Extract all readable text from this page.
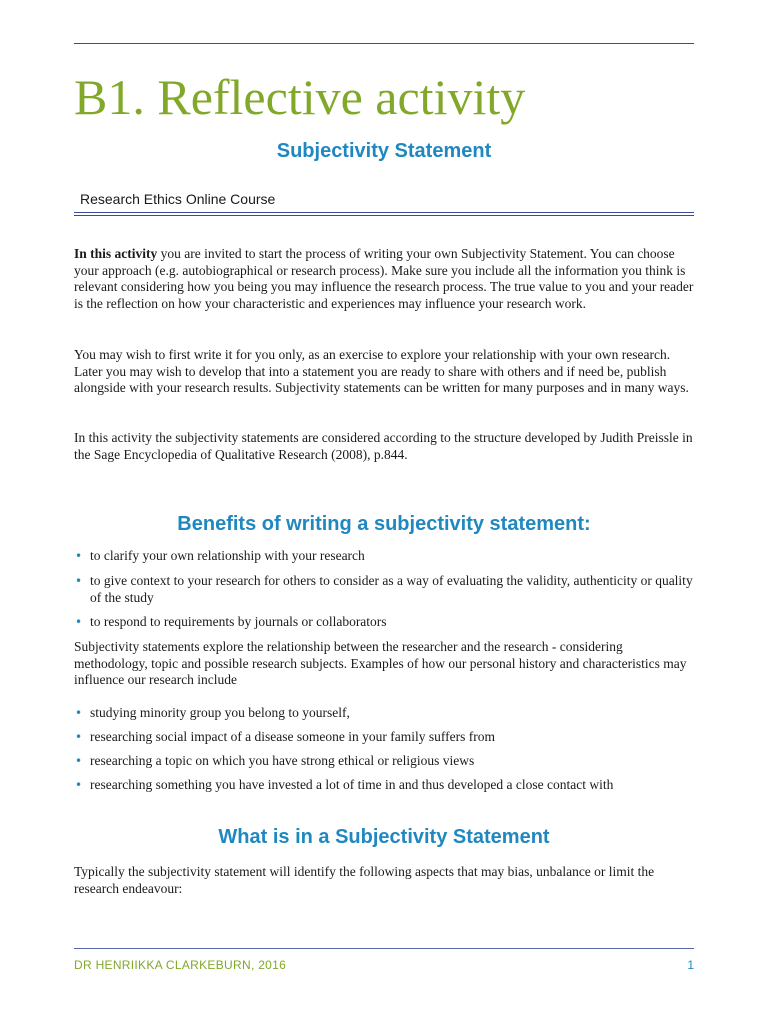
B1. Reflective activity
Subjectivity Statement

Research Ethics Online Course

In this activity you are invited to start the process of writing your own Subjectivity Statement. You can choose your approach (e.g. autobiographical or research process). Make sure you include all the information you think is relevant considering how you being you may influence the research process. The true value to you and your reader is the reflection on how your characteristic and experiences may influence your research work.

You may wish to first write it for you only, as an exercise to explore your relationship with your own research. Later you may wish to develop that into a statement you are ready to share with others and if need be, publish alongside with your research results. Subjectivity statements can be written for many purposes and in many ways.

In this activity the subjectivity statements are considered according to the structure developed by Judith Preissle in the Sage Encyclopedia of Qualitative Research (2008), p.844.

Benefits of writing a subjectivity statement:

• to clarify your own relationship with your research

• to give context to your research for others to consider as a way of evaluating the validity, authenticity or quality of the study

• to respond to requirements by journals or collaborators

Subjectivity statements explore the relationship between the researcher and the research - considering methodology, topic and possible research subjects. Examples of how our personal history and characteristics may influence our research include

• studying minority group you belong to yourself,

• researching social impact of a disease someone in your family suffers from

• researching a topic on which you have strong ethical or religious views

• researching something you have invested a lot of time in and thus developed a close contact with

What is in a Subjectivity Statement

Typically the subjectivity statement will identify the following aspects that may bias, unbalance or limit the research endeavour:

DR HENRIIKKA CLARKEBURN, 2016	1
